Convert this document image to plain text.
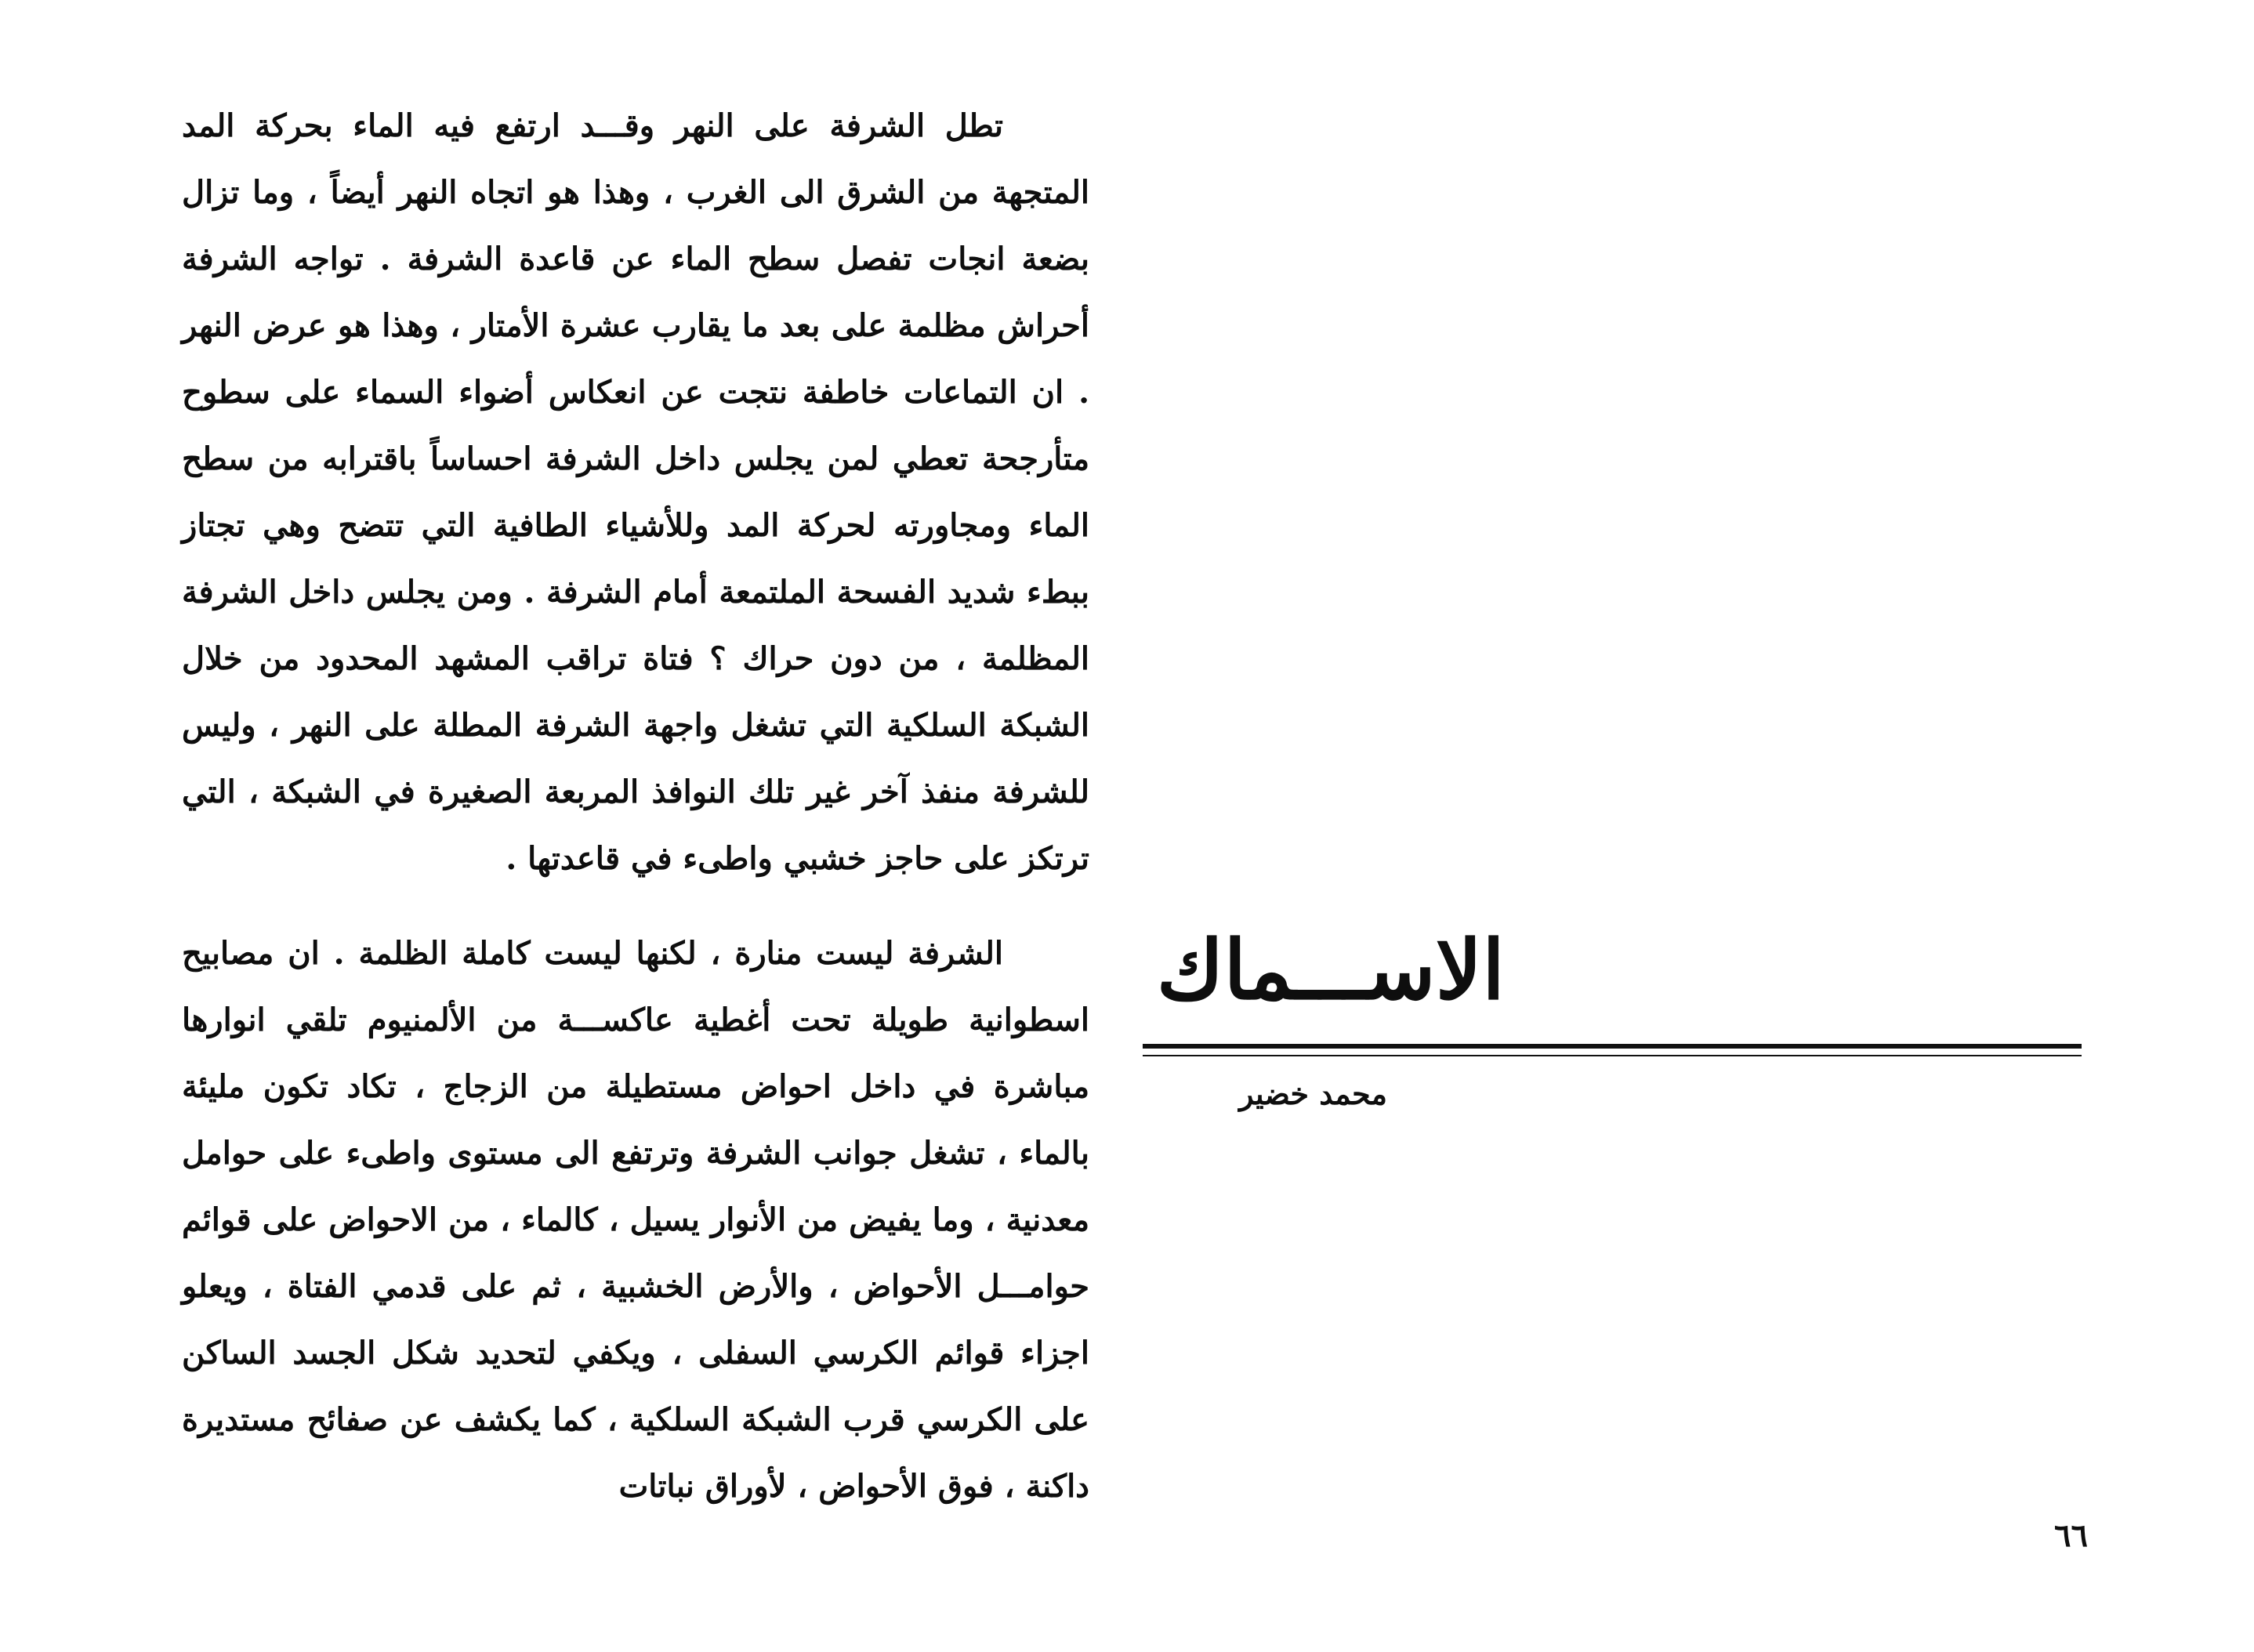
تطل الشرفة على النهر وقـــد ارتفع فيه الماء بحركة المد المتجهة من الشرق الى الغرب ، وهذا هو اتجاه النهر أيضاً ، وما تزال بضعة انجات تفصل سطح الماء عن قاعدة الشرفة . تواجه الشرفة أحراش مظلمة على بعد ما يقارب عشرة الأمتار ، وهذا هو عرض النهر . ان التماعات خاطفة نتجت عن انعكاس أضواء السماء على سطوح متأرجحة تعطي لمن يجلس داخل الشرفة احساساً باقترابه من سطح الماء ومجاورته لحركة المد وللأشياء الطافية التي تتضح وهي تجتاز ببطء شديد الفسحة الملتمعة أمام الشرفة . ومن يجلس داخل الشرفة المظلمة ، من دون حراك ؟ فتاة تراقب المشهد المحدود من خلال الشبكة السلكية التي تشغل واجهة الشرفة المطلة على النهر ، وليس للشرفة منفذ آخر غير تلك النوافذ المربعة الصغيرة في الشبكة ، التي ترتكز على حاجز خشبي واطىء في قاعدتها .

الشرفة ليست منارة ، لكنها ليست كاملة الظلمة . ان مصابيح اسطوانية طويلة تحت أغطية عاكســـة من الألمنيوم تلقي انوارها مباشرة في داخل احواض مستطيلة من الزجاج ، تكاد تكون مليئة بالماء ، تشغل جوانب الشرفة وترتفع الى مستوى واطىء على حوامل معدنية ، وما يفيض من الأنوار يسيل ، كالماء ، من الاحواض على قوائم حوامـــل الأحواض ، والأرض الخشبية ، ثم على قدمي الفتاة ، ويعلو اجزاء قوائم الكرسي السفلى ، ويكفي لتحديد شكل الجسد الساكن على الكرسي قرب الشبكة السلكية ، كما يكشف عن صفائح مستديرة داكنة ، فوق الأحواض ، لأوراق نباتات

الاســـماك
محمد خضير
٦٦
